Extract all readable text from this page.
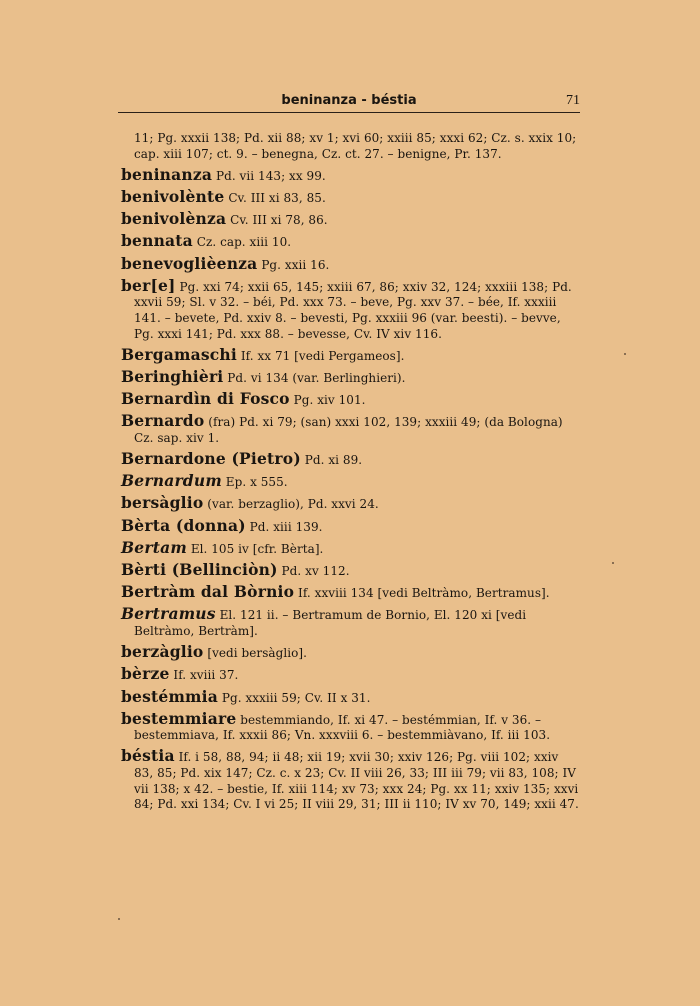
beninanza - béstia	71
11; Pg. xxxii 138; Pd. xii 88; xv 1; xvi 60; xxiii 85; xxxi 62; Cz. s. xxix 10; cap. xiii 107; ct. 9. – benegna, Cz. ct. 27. – benigne, Pr. 137.
beninanza Pd. vii 143; xx 99.
benivolènte Cv. III xi 83, 85.
benivolènza Cv. III xi 78, 86.
bennata Cz. cap. xiii 10.
benevoglièenza Pg. xxii 16.
ber[e] Pg. xxi 74; xxii 65, 145; xxiii 67, 86; xxiv 32, 124; xxxiii 138; Pd. xxvii 59; Sl. v 32. – béi, Pd. xxx 73. – beve, Pg. xxv 37. – bée, If. xxxiii 141. – bevete, Pd. xxiv 8. – bevesti, Pg. xxxiii 96 (var. beesti). – bevve, Pg. xxxi 141; Pd. xxx 88. – bevesse, Cv. IV xiv 116.
Bergamaschi If. xx 71 [vedi Pergameos].
Beringhièri Pd. vi 134 (var. Berlinghieri).
Bernardìn di Fosco Pg. xiv 101.
Bernardo (fra) Pd. xi 79; (san) xxxi 102, 139; xxxiii 49; (da Bologna) Cz. sap. xiv 1.
Bernardone (Pietro) Pd. xi 89.
Bernardum Ep. x 555.
bersàglio (var. berzaglio), Pd. xxvi 24.
Bèrta (donna) Pd. xiii 139.
Bertam El. 105 iv [cfr. Bèrta].
Bèrti (Bellinciòn) Pd. xv 112.
Bertràm dal Bòrnio If. xxviii 134 [vedi Beltràmo, Bertramus].
Bertramus El. 121 ii. – Bertramum de Bornio, El. 120 xi [vedi Beltràmo, Bertràm].
berzàglio [vedi bersàglio].
bèrze If. xviii 37.
bestémmia Pg. xxxiii 59; Cv. II x 31.
bestemmiare bestemmiando, If. xi 47. – bestémmian, If. v 36. – bestemmiava, If. xxxii 86; Vn. xxxviii 6. – bestemmiàvano, If. iii 103.
béstia If. i 58, 88, 94; ii 48; xii 19; xvii 30; xxiv 126; Pg. viii 102; xxiv 83, 85; Pd. xix 147; Cz. c. x 23; Cv. II viii 26, 33; III iii 79; vii 83, 108; IV vii 138; x 42. – bestie, If. xiii 114; xv 73; xxx 24; Pg. xx 11; xxiv 135; xxvi 84; Pd. xxi 134; Cv. I vi 25; II viii 29, 31; III ii 110; IV xv 70, 149; xxii 47.
